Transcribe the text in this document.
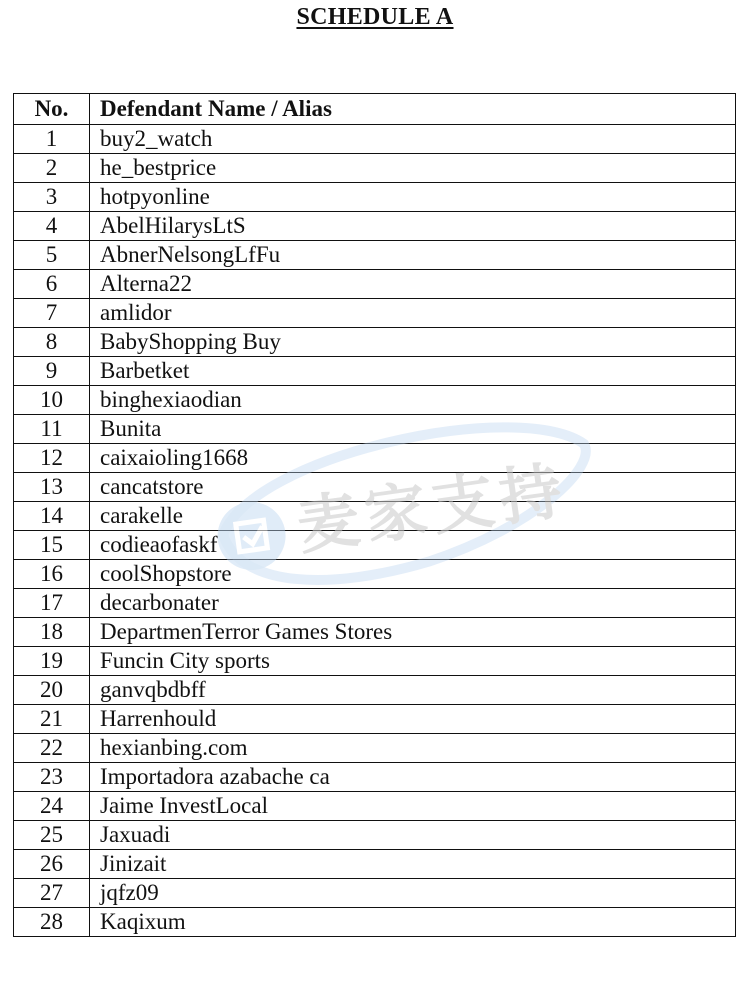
SCHEDULE A
No.	Defendant Name / Alias
1	buy2_watch
2	he_bestprice
3	hotpyonline
4	AbelHilarysLtS
5	AbnerNelsongLfFu
6	Alterna22
7	amlidor
8	BabyShopping Buy
9	Barbetket
10	binghexiaodian
11	Bunita
12	caixaioling1668
13	cancatstore
14	carakelle
15	codieaofaskf
16	coolShopstore
17	decarbonater
18	DepartmenTerror Games Stores
19	Funcin City sports
20	ganvqbdbff
21	Harrenhould
22	hexianbing.com
23	Importadora azabache ca
24	Jaime InvestLocal
25	Jaxuadi
26	Jinizait
27	jqfz09
28	Kaqixum
麦家支持
